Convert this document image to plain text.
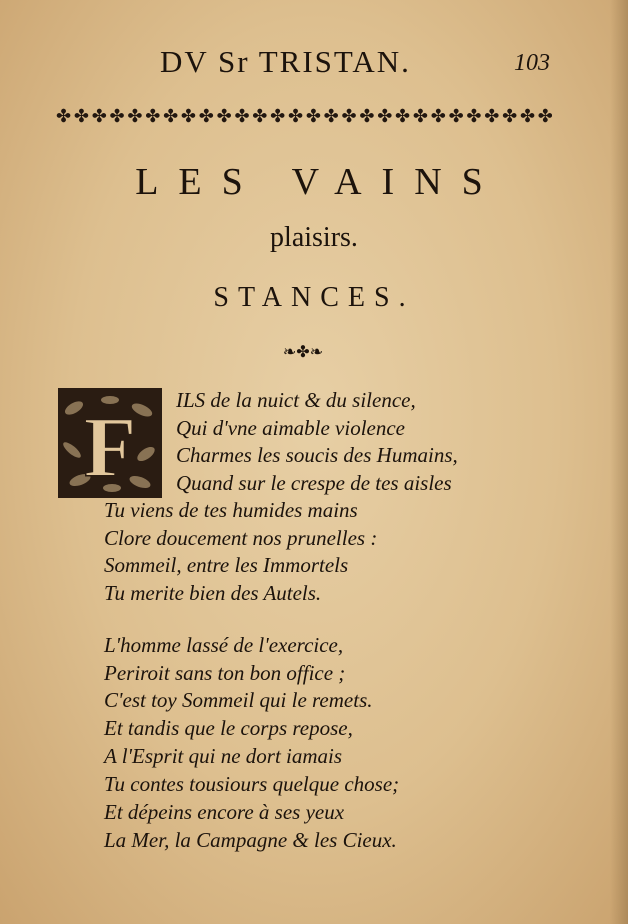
DV Sr TRISTAN.	103
✤ ✤ ✤ ✤ ✤ ✤ ✤ ✤ ✤ ✤ ✤ ✤ ✤ ✤ ✤ ✤ ✤ ✤ ✤ ✤ ✤ ✤ ✤ ✤ ✤ ✤ ✤ ✤
LES VAINS
plaisirs.
STANCES.
❧✤❧
F ILS de la nuict & du silence,
Qui d'vne aimable violence
Charmes les soucis des Humains,
Quand sur le crespe de tes aisles
Tu viens de tes humides mains
Clore doucement nos prunelles :
Sommeil, entre les Immortels
Tu merite bien des Autels.
L'homme lassé de l'exercice,
Periroit sans ton bon office ;
C'est toy Sommeil qui le remets.
Et tandis que le corps repose,
A l'Esprit qui ne dort iamais
Tu contes tousiours quelque chose;
Et dépeins encore à ses yeux
La Mer, la Campagne & les Cieux.
